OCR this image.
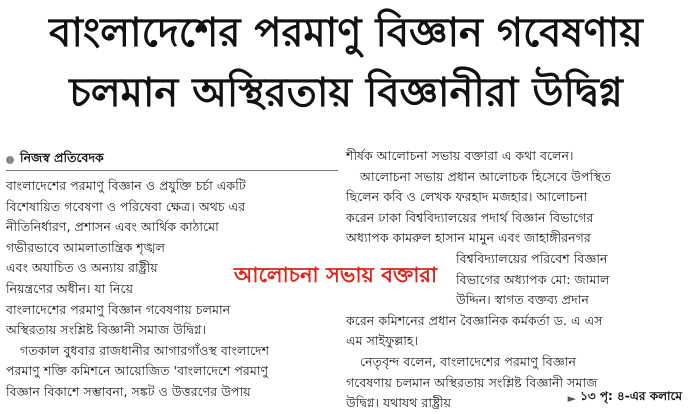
বাংলাদেশের পরমাণু বিজ্ঞান গবেষণায়
চলমান অস্থিরতায় বিজ্ঞানীরা উদ্বিগ্ন
নিজস্ব প্রতিবেদক

বাংলাদেশের পরমাণু বিজ্ঞান ও প্রযুক্তি চর্চা একটি

বিশেষায়িত গবেষণা ও পরিষেবা ক্ষেত্র। অথচ এর

নীতিনির্ধারণ, প্রশাসন এবং আর্থিক কাঠামো

গভীরভাবে আমলাতান্ত্রিক শৃঙ্খল

এবং অযাচিত ও অন্যায় রাষ্ট্রীয়

নিয়ন্ত্রণের অধীন। যা নিয়ে

বাংলাদেশের পরমাণু বিজ্ঞান গবেষণায় চলমান

অস্থিরতায় সংশ্লিষ্ট বিজ্ঞানী সমাজ উদ্বিগ্ন।

গতকাল বুধবার রাজধানীর আগারগাঁওস্থ বাংলাদেশ

পরমাণু শক্তি কমিশনে আয়োজিত 'বাংলাদেশে পরমাণু

বিজ্ঞান বিকাশে সম্ভাবনা, সঙ্কট ও উত্তরণের উপায়

শীর্ষক আলোচনা সভায় বক্তারা এ কথা বলেন।

আলোচনা সভায় প্রধান আলোচক হিসেবে উপস্থিত

ছিলেন কবি ও লেখক ফরহাদ মজহার। আলোচনা

করেন ঢাকা বিশ্ববিদ্যালয়ের পদার্থ বিজ্ঞান বিভাগের

অধ্যাপক কামরুল হাসান মামুন এবং জাহাঙ্গীরনগর

বিশ্ববিদ্যালয়ের পরিবেশ বিজ্ঞান

বিভাগের অধ্যাপক মো: জামাল

উদ্দিন। স্বাগত বক্তব্য প্রদান

করেন কমিশনের প্রধান বৈজ্ঞানিক কর্মকর্তা ড. এ এস

এম সাইফুল্লাহ।

নেতৃবৃন্দ বলেন, বাংলাদেশের পরমাণু বিজ্ঞান

গবেষণায় চলমান অস্থিরতায় সংশ্লিষ্ট বিজ্ঞানী সমাজ

উদ্বিগ্ন। যথাযথ রাষ্ট্রীয়

আলোচনা সভায় বক্তারা
► ১৩ পৃ: ৪-এর কলামে
